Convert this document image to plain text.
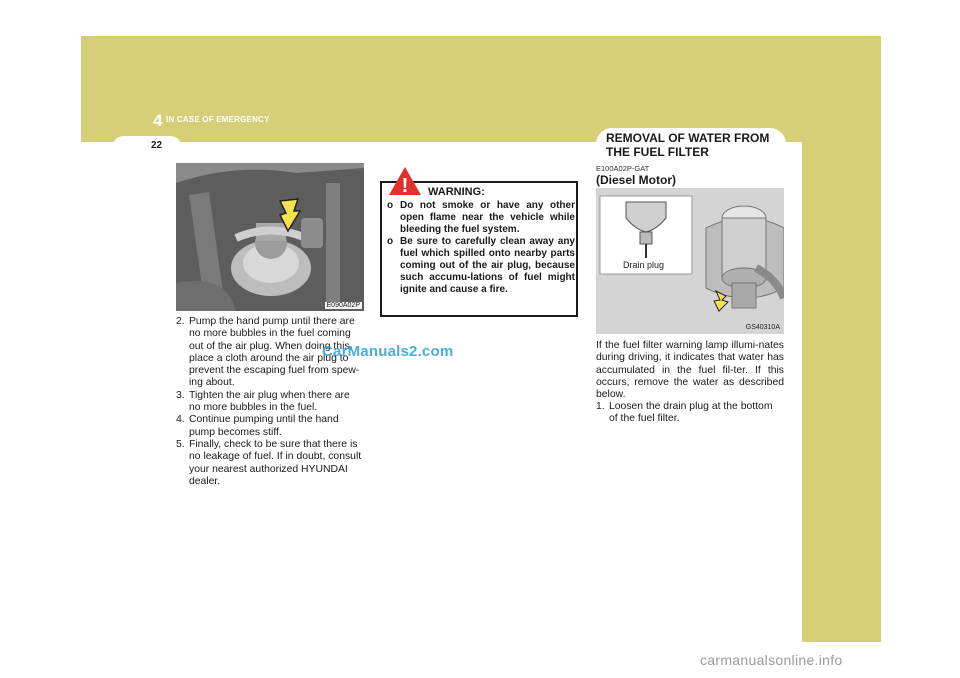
4 IN CASE OF EMERGENCY
22
REMOVAL OF WATER FROM THE FUEL FILTER
E090A02P
2. Pump the hand pump until there are no more bubbles in the fuel coming out of the air plug. When doing this, place a cloth around the air plug to prevent the escaping fuel from spew-ing about.
3. Tighten the air plug when there are no more bubbles in the fuel.
4. Continue pumping until the hand pump becomes stiff.
5. Finally, check to be sure that there is no leakage of fuel. If in doubt, consult your nearest authorized HYUNDAI dealer.
CarManuals2.com
! WARNING:
o Do not smoke or have any other open flame near the vehicle while bleeding the fuel system.
o Be sure to carefully clean away any fuel which spilled onto nearby parts coming out of the air plug, because such accumu-lations of fuel might ignite and cause a fire.
E100A02P-GAT
(Diesel Motor)
Drain plug
GS40310A
If the fuel filter warning lamp illumi-nates during driving, it indicates that water has accumulated in the fuel fil-ter. If this occurs, remove the water as described below.
1. Loosen the drain plug at the bottom of the fuel filter.
carmanualsonline.info
